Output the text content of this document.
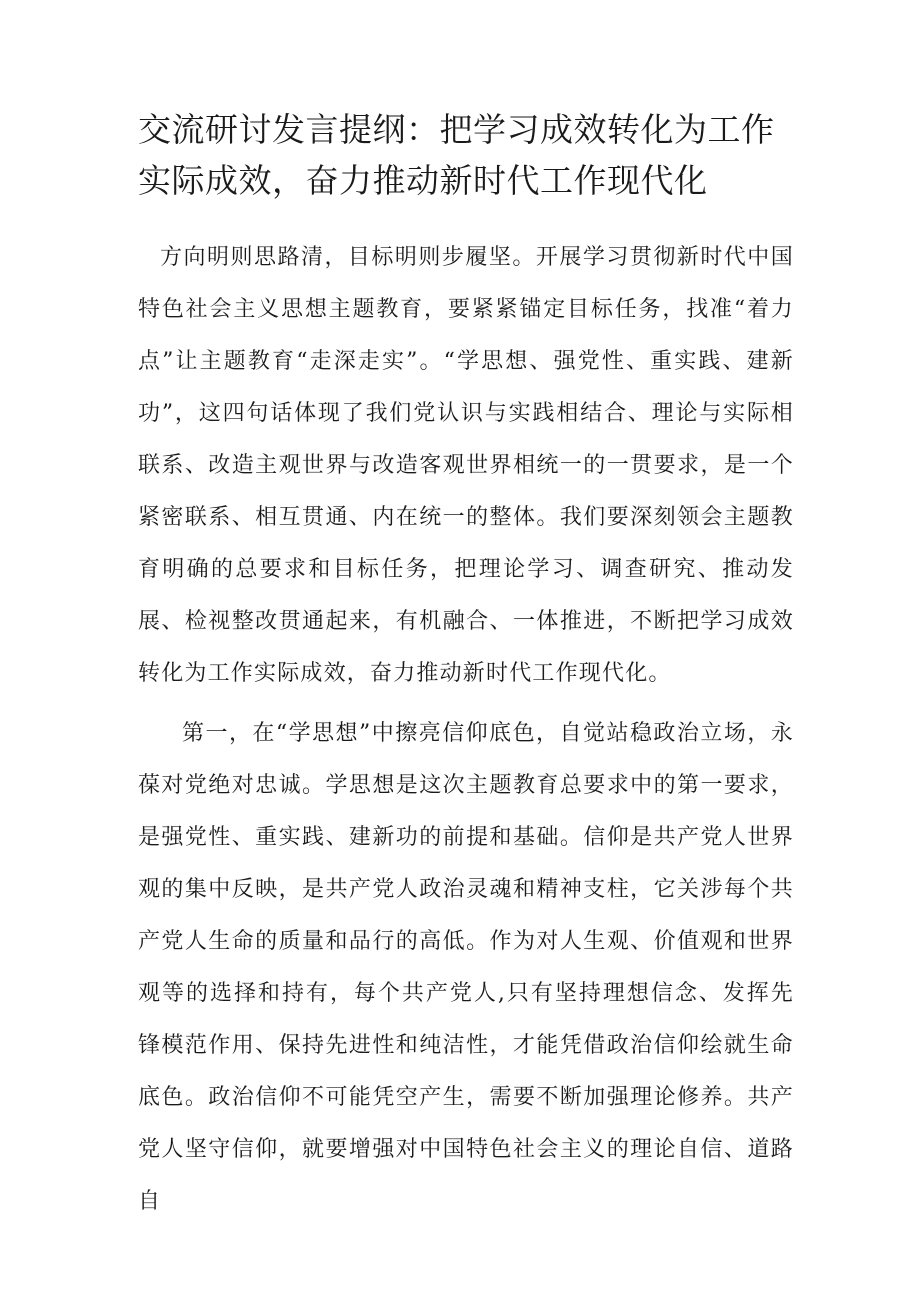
交流研讨发言提纲：把学习成效转化为工作实际成效，奋力推动新时代工作现代化

方向明则思路清，目标明则步履坚。开展学习贯彻新时代中国特色社会主义思想主题教育，要紧紧锚定目标任务，找准“着力点”让主题教育“走深走实”。“学思想、强党性、重实践、建新功”，这四句话体现了我们党认识与实践相结合、理论与实际相联系、改造主观世界与改造客观世界相统一的一贯要求，是一个紧密联系、相互贯通、内在统一的整体。我们要深刻领会主题教育明确的总要求和目标任务，把理论学习、调查研究、推动发展、检视整改贯通起来，有机融合、一体推进，不断把学习成效转化为工作实际成效，奋力推动新时代工作现代化。

第一，在“学思想”中擦亮信仰底色，自觉站稳政治立场，永葆对党绝对忠诚。学思想是这次主题教育总要求中的第一要求，是强党性、重实践、建新功的前提和基础。信仰是共产党人世界观的集中反映，是共产党人政治灵魂和精神支柱，它关涉每个共产党人生命的质量和品行的高低。作为对人生观、价值观和世界观等的选择和持有，每个共产党人,只有坚持理想信念、发挥先锋模范作用、保持先进性和纯洁性，才能凭借政治信仰绘就生命底色。政治信仰不可能凭空产生，需要不断加强理论修养。共产党人坚守信仰，就要增强对中国特色社会主义的理论自信、道路自
